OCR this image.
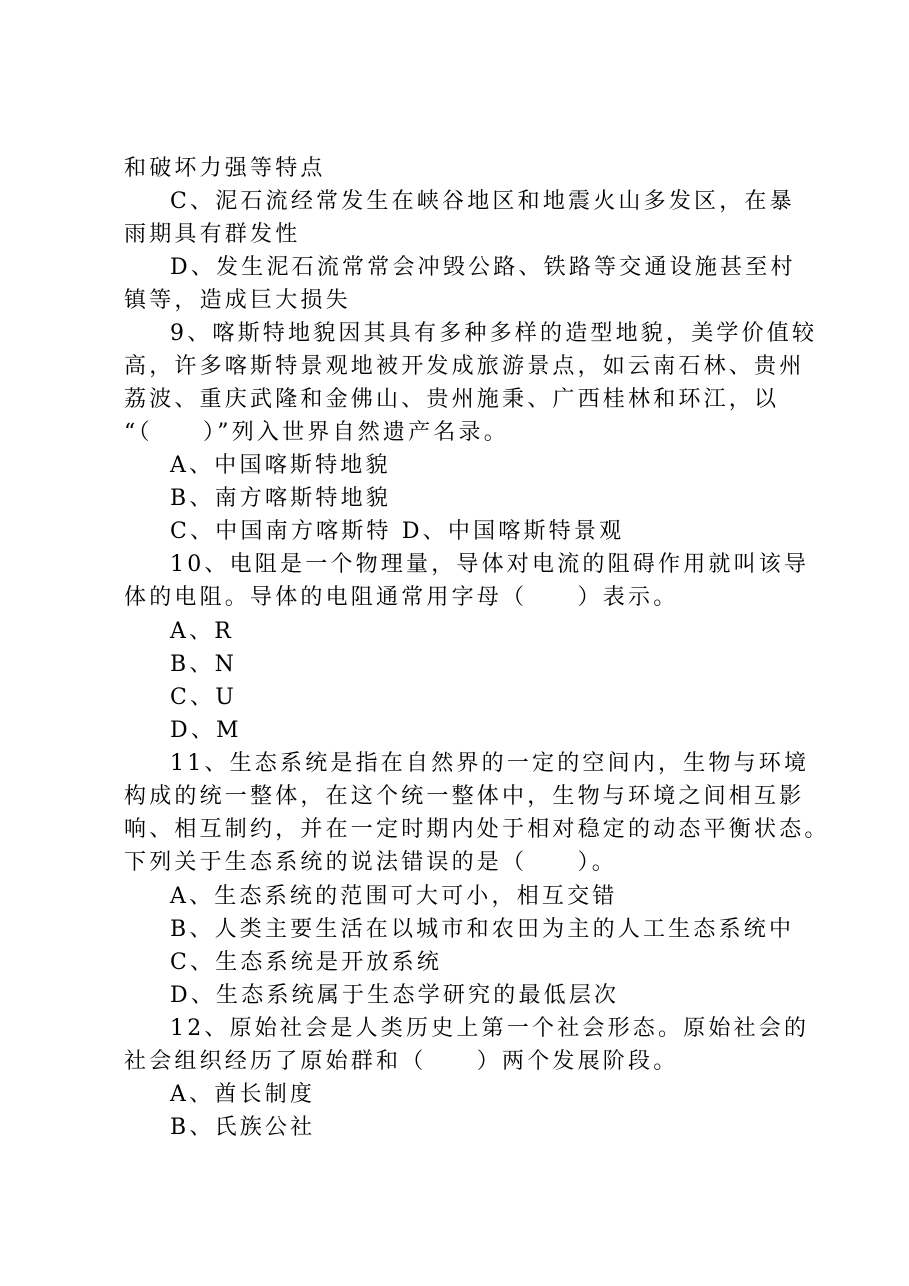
和破坏力强等特点
C、泥石流经常发生在峡谷地区和地震火山多发区，在暴
雨期具有群发性
D、发生泥石流常常会冲毁公路、铁路等交通设施甚至村
镇等，造成巨大损失
9、喀斯特地貌因其具有多种多样的造型地貌，美学价值较
高，许多喀斯特景观地被开发成旅游景点，如云南石林、贵州
荔波、重庆武隆和金佛山、贵州施秉、广西桂林和环江，以
“（　　）”列入世界自然遗产名录。
A、中国喀斯特地貌
B、南方喀斯特地貌
C、中国南方喀斯特 D、中国喀斯特景观
10、电阻是一个物理量，导体对电流的阻碍作用就叫该导
体的电阻。导体的电阻通常用字母（　　）表示。
A、R
B、N
C、U
D、M
11、生态系统是指在自然界的一定的空间内，生物与环境
构成的统一整体，在这个统一整体中，生物与环境之间相互影
响、相互制约，并在一定时期内处于相对稳定的动态平衡状态。
下列关于生态系统的说法错误的是（　　）。
A、生态系统的范围可大可小，相互交错
B、人类主要生活在以城市和农田为主的人工生态系统中
C、生态系统是开放系统
D、生态系统属于生态学研究的最低层次
12、原始社会是人类历史上第一个社会形态。原始社会的
社会组织经历了原始群和（　　）两个发展阶段。
A、酋长制度
B、氏族公社
